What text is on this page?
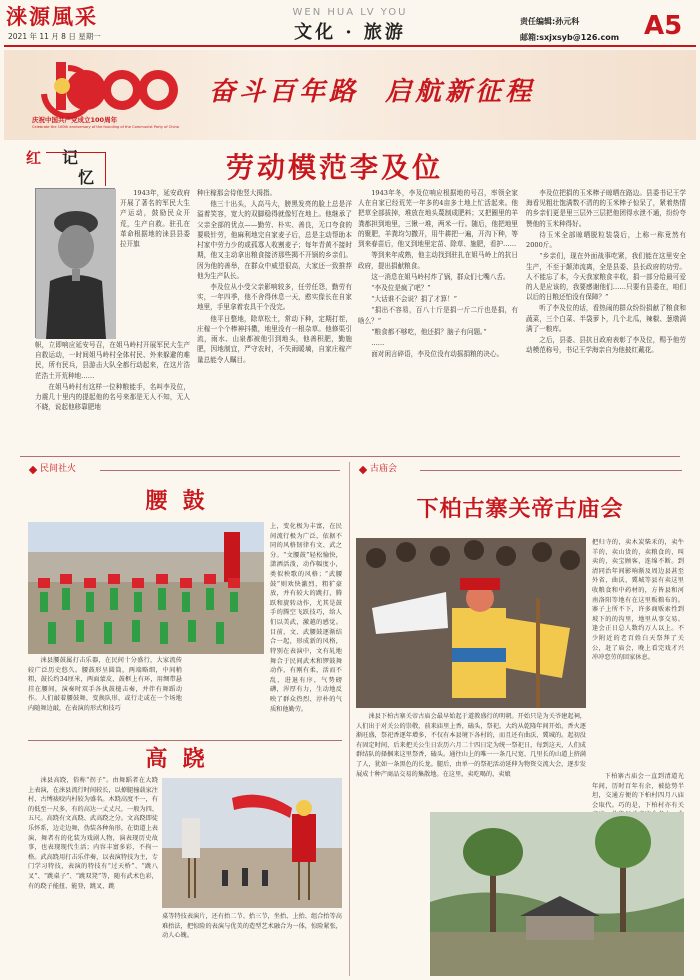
涞源風采
2021 年 11 月 8 日 星期一
WEN HUA LV YOU
文化 · 旅游
责任编辑:孙元科
邮箱:sxjxsyb@126.com A5
庆祝中国共产党成立100周年
Celebrate the 100th anniversary of the founding of the Communist Party of China
奋斗百年路  启航新征程
红 记
忆	劳动模范李及位

1943年，延安政府开展了著名的军民大生产运动，鼓励民众开荒，生产自救。驻孔在革命根据地的涞县县委拉开旗

帜，立即响应延安号召，在姐马岭村开展军民大生产自救运动，一时间姐马岭村全体村民、外来躲避的难民，所有民兵，县游击大队全都行动起来，在这片浩茫浩土开荒种地……

在姐马岭村有这样一位种粮能手，名叫李及位，力震几十里内的提起他的名号来那是无人不知，无人不晓，说起他移靠肥地

种庄稼那会侍他竖大拇指。

他三十出头，人高马大，膀黑发亮的脸上总是洋溢着笑容，宽大的双脚稳得就像钉在地上。他继承了父亲全部的优点——勤劳、朴实、善良，无口夸食的要吸针劳，他麻利地完自家麦子后，总是主动帮助本村家中劳力少的或孤寡人收割麦子；每年青黄不接时期，他又主动拿出粮食接济那些揭不开锅的乡亲们。因为他的善举，在群众中威望很高，大家还一致推荐他为生产队长。

李及位从小受父亲影响较多，任劳任怨，勤劳有实，一年四季，他不舍得休息一天，憨实像长在自家地里，手里拿着农具干个没完。

他平日整地，除草松土，常动下种，定期打茬，庄稼一个个棒神抖擞，地里没有一根杂草。他修渠引流，雨水、山泉都被他引到地头，他善积肥，勤施肥，因地制宜，严守农时，不失雨暖墒，自家庄稼产量总能令人瞩目。

1943年冬，李及位响应根据地的号召，率领全家人在自家已经荒芜一年多的4亩多土地上忙活起来。他把草全部拔掉，堆放在地头蔑制成肥料；又把圈里的羊粪都担到地里，三锹一堆，两米一行。随后，他把地里的聚肥，羊粪均匀撒开，用牛耕把一遍，开沟下种，等到来春苗后，他又到地里定苗、除草、施肥，看护……

等到来年成熟，他主动找到驻扎在姐马岭上的抗日政府，提出捐献粮食。

这一消息在姐马岭村炸了锅，群众们七嘴八舌。

“李及位是疯了吧？”

“大话谁不会说？捐了才算！”

“捐出不容易，百八十斤是捐一斤二斤也是捐，有啥么？”

“粮食都不够吃，他还捐？脑子有问题。”

……

面对闲言碎语，李及位没有动摇捐粮的决心。

李及位把捐的玉米棒子晾晒在路边。县委书记王学海看见粗壮饱满数不清的的玉米棒子惊呆了，紧着热情的乡亲们更是里三层外三层把他团得水泄不通，纷纷夸赞他的玉米种得好。

待玉米全部晾晒脱粒装袋后，上称一称竟然有2000斤。

“乡亲们，现在外面战事吃紧，我们能在这里安全生产，不至于颠沛流离，全是县委、县长政府的功劳。人不能忘了本，今天我家粮食丰收，捐一部分给最可爱的人是应该的，我要感谢他们……只要有县委在，咱们以后的日粮还怕没有保障？”

听了李及位的话，看热闹的群众纷纷捐献了粮食和蔬菜，三个白菜、半袋萝卜，几个北瓜，辣椒、葱墩满满了一粮库。

之后，县委、县抗日政府表彰了李及位，赐予他劳动模范称号，书记王学海亲自为他披红戴花。

民间社火
腰  鼓

上，变化极为丰富，在民间流行极为广泛，依据不同的风格韧律有文、武之分。“文腰鼓”轻松愉快，潇洒活泼，动作幅度小，类似秧歌的风格；“武腰鼓”则欢快激烈，粗犷豪放，并有较大的跳打，腾跃和旋转动作，尤其是鼓手的腾空飞跃技巧，给人们以美武，激越的感觉。目前，文、武腰鼓逐渐结合一起，形成新的风格，特别在表演中，文有轧地舞合于民间武术和锣鼓舞动作，有刚有柔，活而不乱，进退有序，气势磅礴，浑厚有力，生动地反映了群众热烈、淳朴的气质和他勤劳。

涞县腰鼓属打击乐器，在民间十分盛行，大家流传较广泛历史悠久。腰鼓形呈圆筒，两端略细，中间稍粗，鼓长约34厘米，两面蒙皮，鼓框上有环，用绸带悬挂在腰间，演奏时双手各执鼓槌击奏，并伴有舞蹈动作。人们敲着腰鼓舞，变换队形，或行走或在一个场地内随舞边敲，在表演的形式和技巧

高  跷

涞县高跷，俗称“拐子”。由舞蹈者在大跷上表演，在涞县流行时间较长，以撩腿撞载家注村，古缚裱咬内村较为盛名。木跷高度不一，有的低至一尺多，有的高达一丈丈尺，一般为四、五尺。高跷有文高跷、武高跷之分。文高跷即徒乐怀系，边走边舞，伪装各种角形，在街道上表演，舞者有的化装为戏剧人物，演表现历史故事，也表现现代生活；内容丰富多彩，不拘一格。武高跷用打击乐伴奏，以表演特技为主，专门学习特技，表演的特技有“过天桥”、“跳八叉”、“跳桌子”、“跳双凳”等，随有武术色彩，有的跷子能扭、能登，跳叉、跳

桌等特技表演片，还有抬二节、抬三节，坐抬、上抬、组合抬等高难抬法，把惊险的表演与优美的造型艺术融合为一体，惊险紧张，动人心魄。

古庙会
下柏古寨关帝古庙会

把归寺的，卖木炭柴禾的，卖牛羊的，卖山货的，卖粮食的，叫卖的，卖宝顾客，连绵不断。到清同治年间影响渐及周边县甚至外省，曲沃、冀城等县有卖这里收粮食和中药材的，方皆县和河南洛阳等地有在这里贩粮布的。寨子上所不下，许多商贩索性到坡下的的沟里，地里从事交易。逢会正日总人数约万人以上。不少附近的老百姓白天祭拜了关公，赶了庙会，晚上看完戏才兴冲冲恋劳的回家休息。

涞县下柏古寨关帝古庙会最早始起于道教盛行的明朝。开始只是为关爷建起祠，人们出于对关公的崇敬，前来庙里上香，磕头，祭祀。大约从乾隆年间开始，香火逐渐旺盛，祭祀香逐年增多，不仅有本县境下各村的，而且还有曲沃、冀城的。起初没有固定时间，后来把关公生日农历六月二十四日定为统一祭祀日，每到这天，人们成群结队的择捆来这里祭香，磕头。通往山上的唯一一条几尺宽、几里长的山道上挤满了人，犹如一条黑色的长龙。腿后，由单一的祭祀活动延伸为物资交流大会，逐步发展成十种产商品交易的集散地。在这里，卖吃喝的，卖娘	下柏寨古庙会一直到清道光年间，历时百年有余，被捻势半坦，交通方便的下柏村四月八庙会取代。巧的是，下柏村亦有关
